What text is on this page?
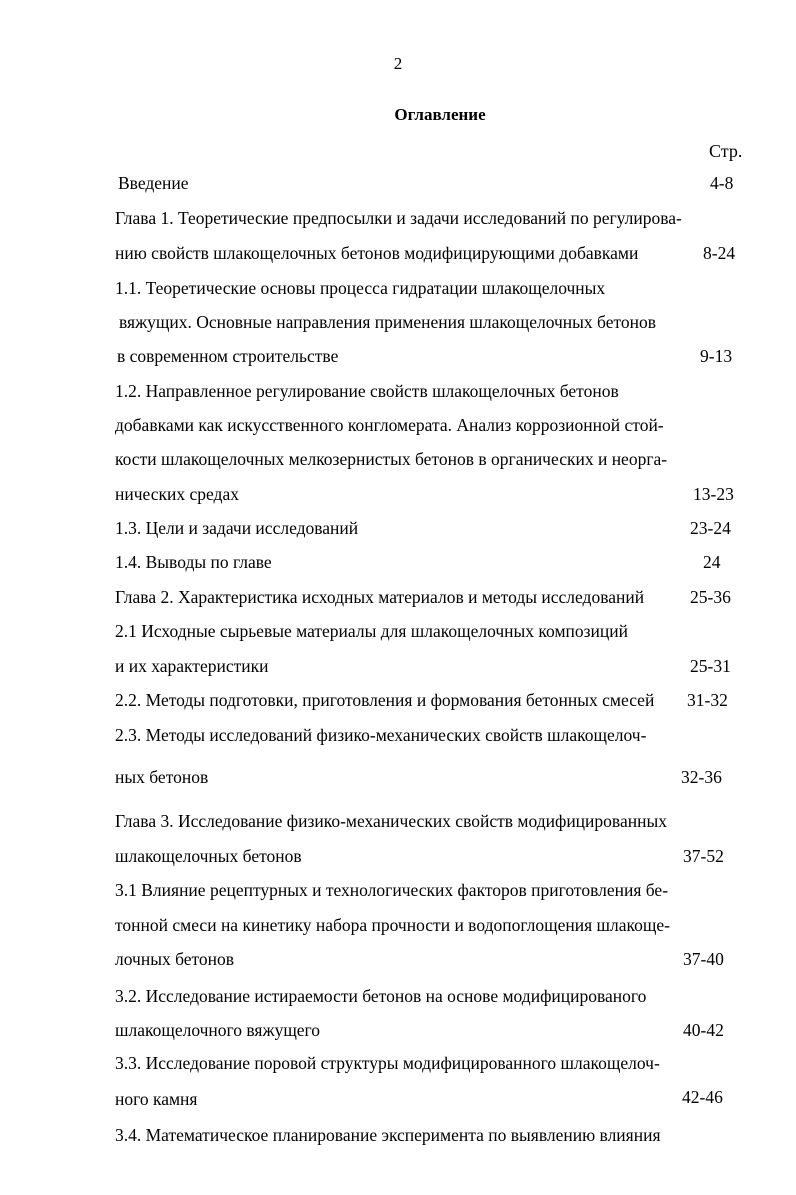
2
Оглавление
Стр.
Введение	4-8
Глава 1. Теоретические предпосылки и задачи исследований по регулирова-
нию свойств шлакощелочных бетонов модифицирующими добавками	8-24
1.1. Теоретические основы процесса гидратации шлакощелочных
вяжущих. Основные направления применения шлакощелочных бетонов
в современном строительстве	9-13
1.2. Направленное регулирование свойств шлакощелочных бетонов
добавками как искусственного конгломерата. Анализ коррозионной стой-
кости шлакощелочных мелкозернистых бетонов в органических и неорга-
нических средах	13-23
1.3. Цели и задачи исследований	23-24
1.4. Выводы по главе	24
Глава 2. Характеристика исходных материалов и методы исследований	25-36
2.1 Исходные сырьевые материалы для шлакощелочных композиций
и их характеристики	25-31
2.2. Методы подготовки, приготовления и формования бетонных смесей 31-32
2.3. Методы исследований физико-механических свойств шлакощелоч-
ных бетонов	32-36
Глава 3. Исследование физико-механических свойств модифицированных
шлакощелочных бетонов	37-52
3.1 Влияние рецептурных и технологических факторов приготовления бе-
тонной смеси на кинетику набора прочности и водопоглощения шлакоще-
лочных бетонов	37-40
3.2. Исследование истираемости бетонов на основе модифицированого
шлакощелочного вяжущего	40-42
3.3. Исследование поровой структуры модифицированного шлакощелоч-
ного камня	42-46
3.4. Математическое планирование эксперимента по выявлению влияния
